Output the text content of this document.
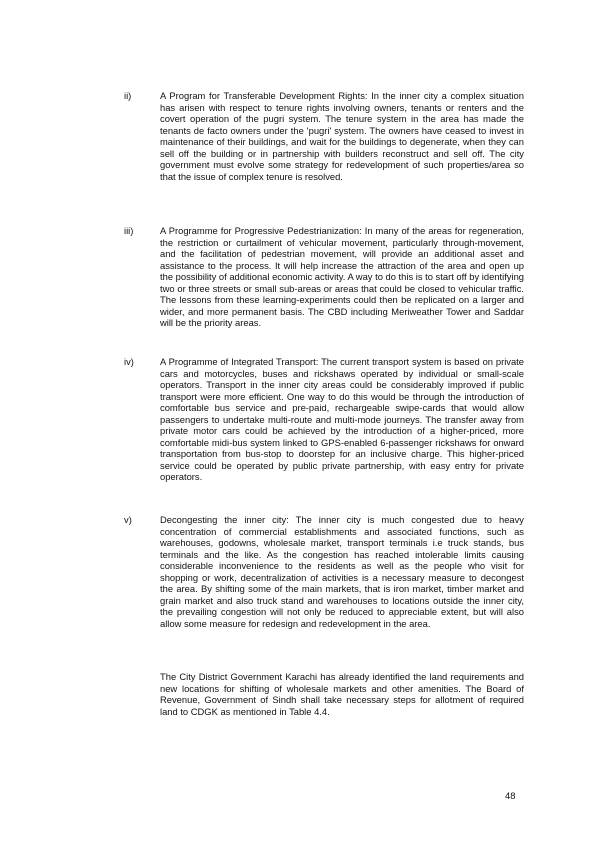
ii)	A Program for Transferable Development Rights: In the inner city a complex situation has arisen with respect to tenure rights involving owners, tenants or renters and the covert operation of the pugri system. The tenure system in the area has made the tenants de facto owners under the 'pugri' system. The owners have ceased to invest in maintenance of their buildings, and wait for the buildings to degenerate, when they can sell off the building or in partnership with builders reconstruct and sell off. The city government must evolve some strategy for redevelopment of such properties/area so that the issue of complex tenure is resolved.
iii)	A Programme for Progressive Pedestrianization: In many of the areas for regeneration, the restriction or curtailment of vehicular movement, particularly through-movement, and the facilitation of pedestrian movement, will provide an additional asset and assistance to the process. It will help increase the attraction of the area and open up the possibility of additional economic activity. A way to do this is to start off by identifying two or three streets or small sub-areas or areas that could be closed to vehicular traffic. The lessons from these learning-experiments could then be replicated on a larger and wider, and more permanent basis. The CBD including Meriweather Tower and Saddar will be the priority areas.
iv)	A Programme of Integrated Transport: The current transport system is based on private cars and motorcycles, buses and rickshaws operated by individual or small-scale operators. Transport in the inner city areas could be considerably improved if public transport were more efficient. One way to do this would be through the introduction of comfortable bus service and pre-paid, rechargeable swipe-cards that would allow passengers to undertake multi-route and multi-mode journeys. The transfer away from private motor cars could be achieved by the introduction of a higher-priced, more comfortable midi-bus system linked to GPS-enabled 6-passenger rickshaws for onward transportation from bus-stop to doorstep for an inclusive charge. This higher-priced service could be operated by public private partnership, with easy entry for private operators.
v)	Decongesting the inner city: The inner city is much congested due to heavy concentration of commercial establishments and associated functions, such as warehouses, godowns, wholesale market, transport terminals i.e truck stands, bus terminals and the like. As the congestion has reached intolerable limits causing considerable inconvenience to the residents as well as the people who visit for shopping or work, decentralization of activities is a necessary measure to decongest the area. By shifting some of the main markets, that is iron market, timber market and grain market and also truck stand and warehouses to locations outside the inner city, the prevailing congestion will not only be reduced to appreciable extent, but will also allow some measure for redesign and redevelopment in the area.
The City District Government Karachi has already identified the land requirements and new locations for shifting of wholesale markets and other amenities. The Board of Revenue, Government of Sindh shall take necessary steps for allotment of required land to CDGK as mentioned in Table 4.4.
48
